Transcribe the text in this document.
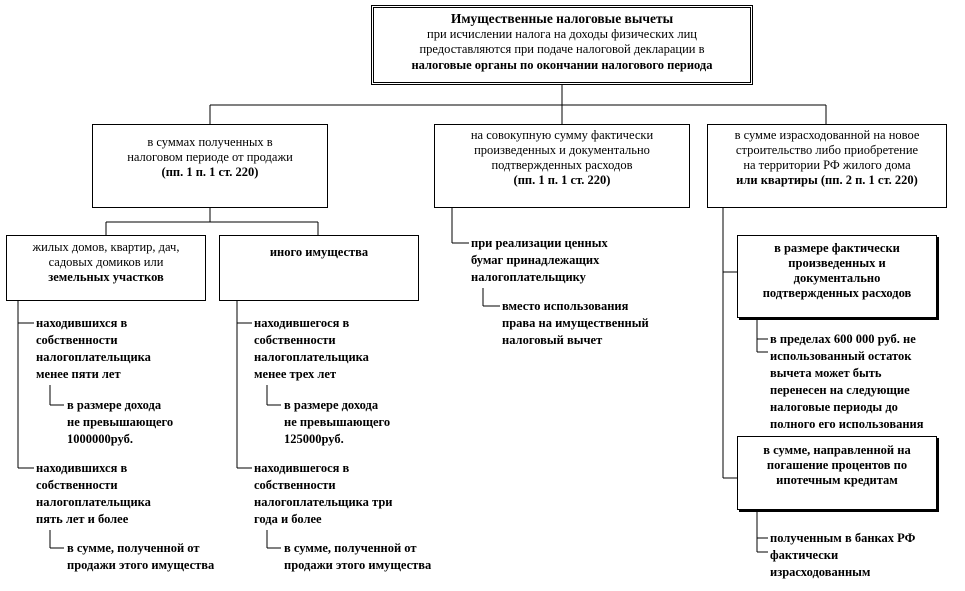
Имущественные налоговые вычеты
при исчислении налога на доходы физических лиц
предоставляются при подаче налоговой декларации в
налоговые органы по окончании налогового периода
в суммах полученных в
налоговом периоде от продажи
(пп. 1 п. 1 ст. 220)
на совокупную сумму фактически
произведенных и документально
подтвержденных расходов
(пп. 1 п. 1 ст. 220)
в сумме израсходованной на новое
строительство либо приобретение
на территории РФ жилого дома
или квартиры (пп. 2 п. 1 ст. 220)
жилых домов, квартир, дач,
садовых домиков или
земельных участков
иного имущества	в размере фактически
произведенных и
документально
подтвержденных расходов
в сумме, направленной на
погашение процентов по
ипотечным кредитам
находившихся в
собственности
налогоплательщика
менее пяти лет
в размере дохода
не превышающего
1000000руб.
находившихся в
собственности
налогоплательщика
пять лет и более
в сумме, полученной от
продажи этого имущества
находившегося в
собственности
налогоплательщика
менее трех лет
в размере дохода
не превышающего
125000руб.
находившегося в
собственности
налогоплательщика три
года и более
в сумме, полученной от
продажи этого имущества
при реализации ценных
бумаг принадлежащих
налогоплательщику
вместо использования
права на имущественный
налоговый вычет	в пределах 600 000 руб. не
использованный остаток
вычета может быть
перенесен на следующие
налоговые периоды до
полного его использования
полученным в банках РФ
фактически
израсходованным
